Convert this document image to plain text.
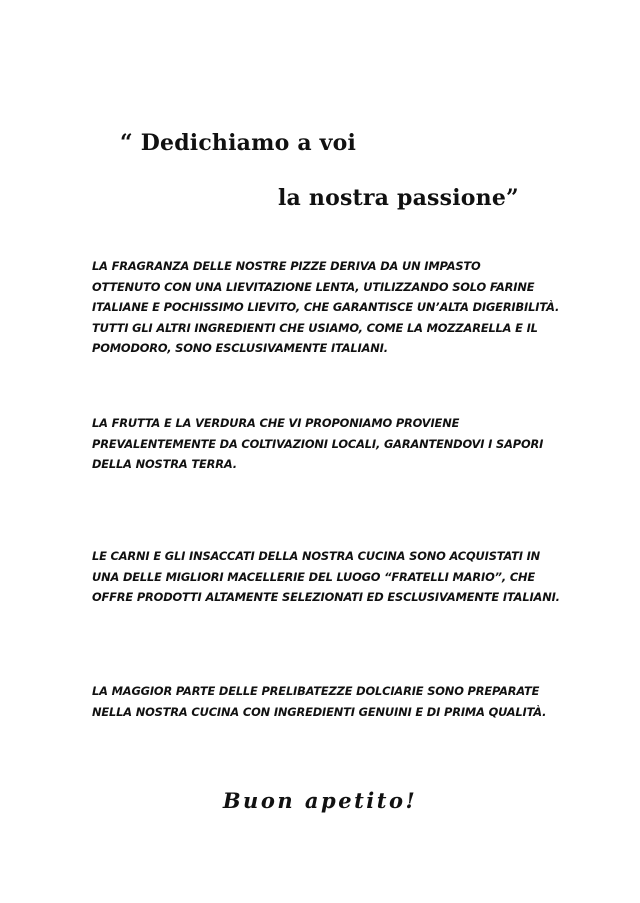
“ Dedichiamo a voi
la nostra passione”
LA FRAGRANZA DELLE NOSTRE PIZZE DERIVA DA UN IMPASTO
OTTENUTO CON UNA LIEVITAZIONE LENTA, UTILIZZANDO SOLO FARINE
ITALIANE E POCHISSIMO LIEVITO, CHE GARANTISCE UN’ALTA DIGERIBILITÀ.
TUTTI GLI ALTRI INGREDIENTI CHE USIAMO, COME LA MOZZARELLA E IL
POMODORO, SONO ESCLUSIVAMENTE ITALIANI.
LA FRUTTA E LA VERDURA CHE VI PROPONIAMO PROVIENE
PREVALENTEMENTE DA COLTIVAZIONI LOCALI, GARANTENDOVI I SAPORI
DELLA NOSTRA TERRA.
LE CARNI E GLI INSACCATI DELLA NOSTRA CUCINA SONO ACQUISTATI IN
UNA DELLE MIGLIORI MACELLERIE DEL LUOGO “FRATELLI MARIO”, CHE
OFFRE PRODOTTI ALTAMENTE SELEZIONATI ED ESCLUSIVAMENTE ITALIANI.
LA MAGGIOR PARTE DELLE PRELIBATEZZE DOLCIARIE SONO PREPARATE
NELLA NOSTRA CUCINA CON INGREDIENTI GENUINI E DI PRIMA QUALITÀ.
Buon apetito!
